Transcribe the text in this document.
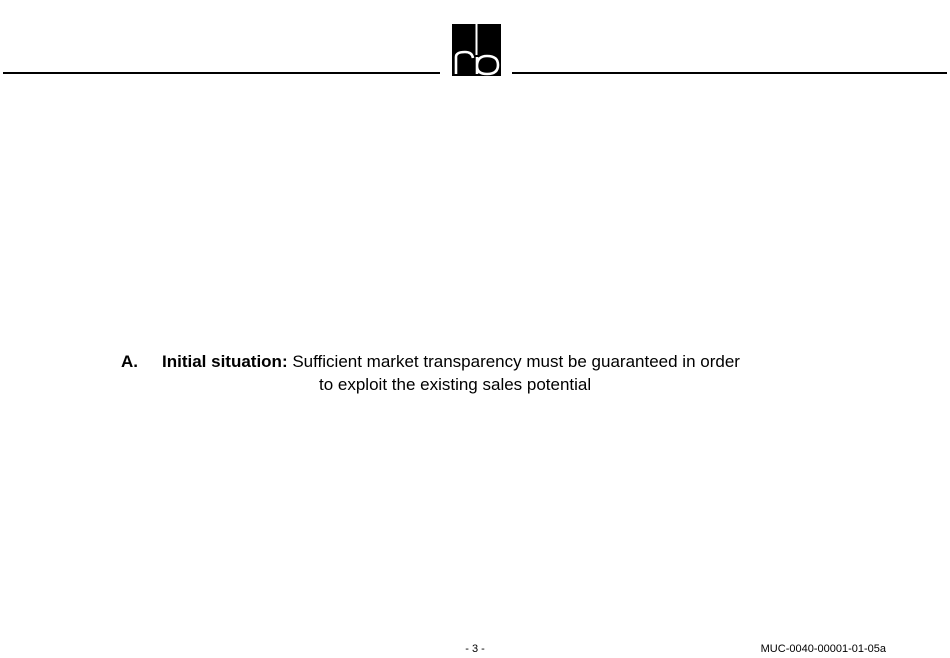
A. Initial situation: Sufficient market transparency must be guaranteed in order
to exploit the existing sales potential
- 3 -	MUC-0040-00001-01-05a
